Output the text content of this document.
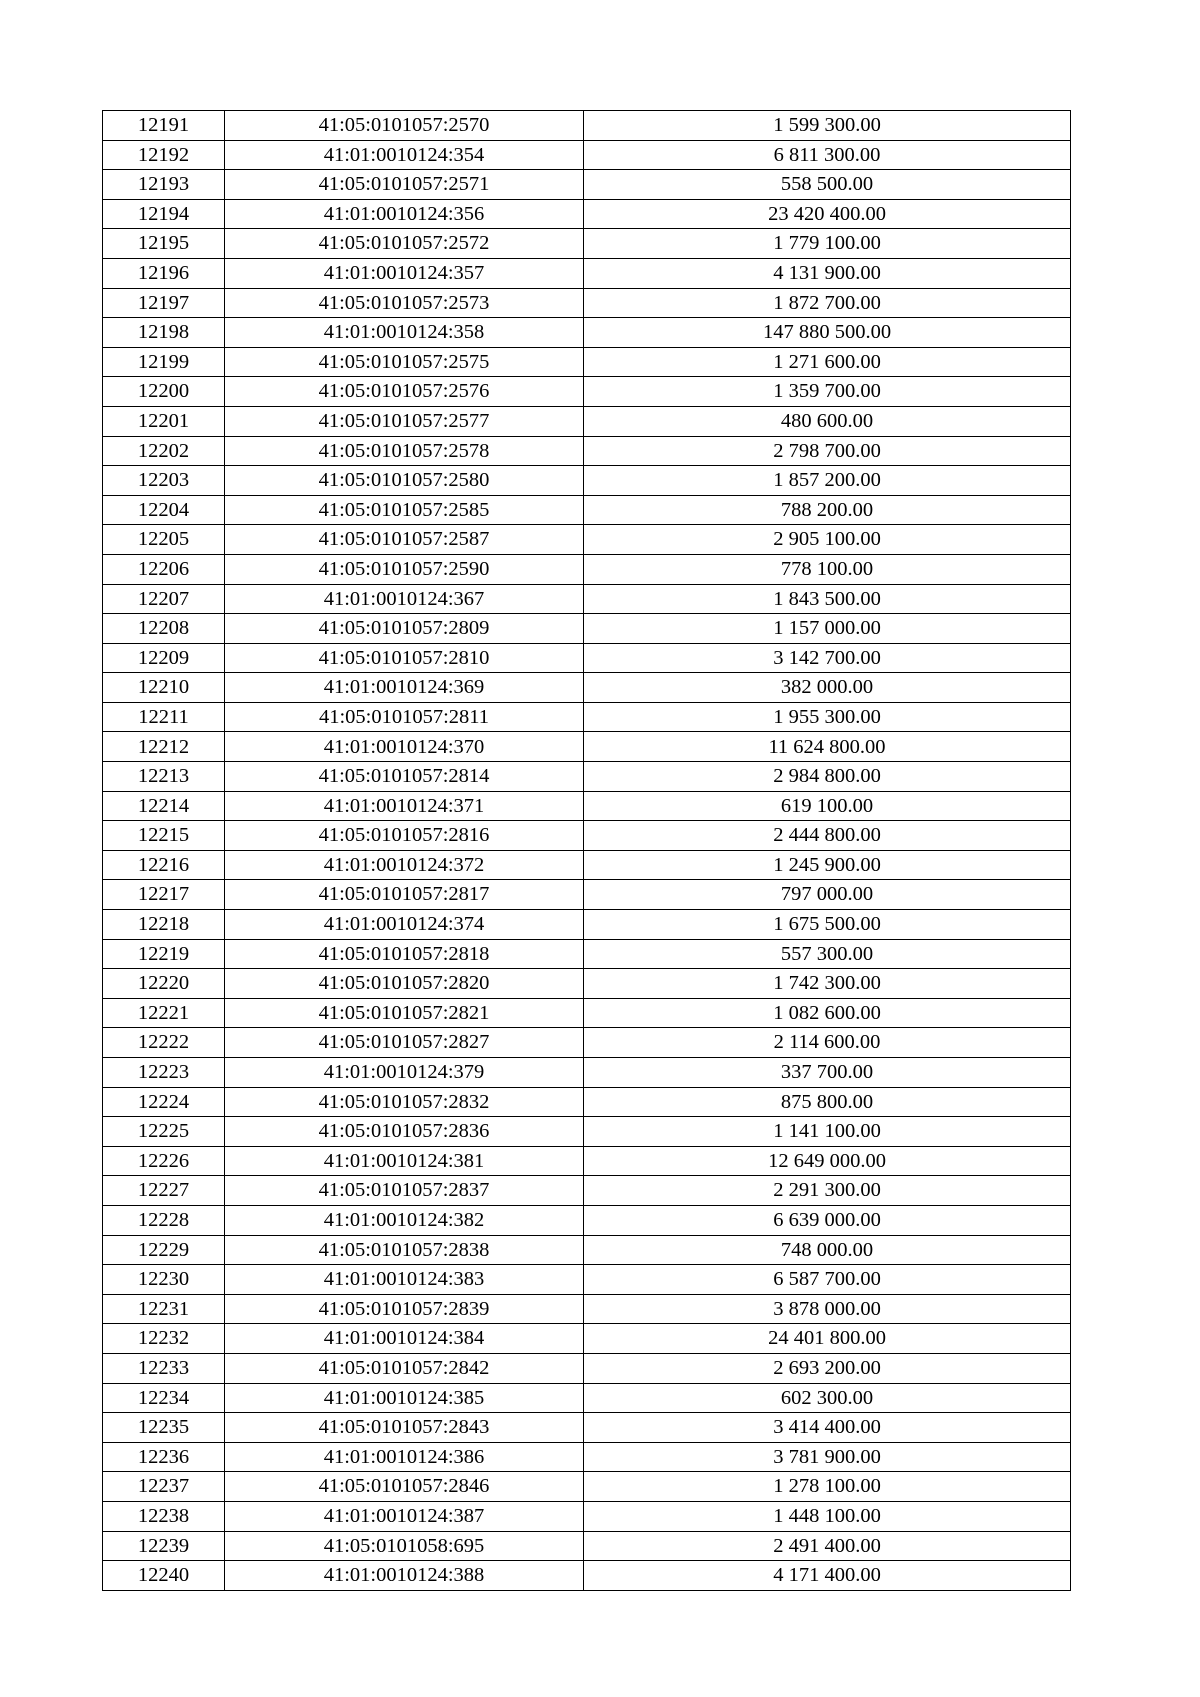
12191	41:05:0101057:2570	1 599 300.00
12192	41:01:0010124:354	6 811 300.00
12193	41:05:0101057:2571	558 500.00
12194	41:01:0010124:356	23 420 400.00
12195	41:05:0101057:2572	1 779 100.00
12196	41:01:0010124:357	4 131 900.00
12197	41:05:0101057:2573	1 872 700.00
12198	41:01:0010124:358	147 880 500.00
12199	41:05:0101057:2575	1 271 600.00
12200	41:05:0101057:2576	1 359 700.00
12201	41:05:0101057:2577	480 600.00
12202	41:05:0101057:2578	2 798 700.00
12203	41:05:0101057:2580	1 857 200.00
12204	41:05:0101057:2585	788 200.00
12205	41:05:0101057:2587	2 905 100.00
12206	41:05:0101057:2590	778 100.00
12207	41:01:0010124:367	1 843 500.00
12208	41:05:0101057:2809	1 157 000.00
12209	41:05:0101057:2810	3 142 700.00
12210	41:01:0010124:369	382 000.00
12211	41:05:0101057:2811	1 955 300.00
12212	41:01:0010124:370	11 624 800.00
12213	41:05:0101057:2814	2 984 800.00
12214	41:01:0010124:371	619 100.00
12215	41:05:0101057:2816	2 444 800.00
12216	41:01:0010124:372	1 245 900.00
12217	41:05:0101057:2817	797 000.00
12218	41:01:0010124:374	1 675 500.00
12219	41:05:0101057:2818	557 300.00
12220	41:05:0101057:2820	1 742 300.00
12221	41:05:0101057:2821	1 082 600.00
12222	41:05:0101057:2827	2 114 600.00
12223	41:01:0010124:379	337 700.00
12224	41:05:0101057:2832	875 800.00
12225	41:05:0101057:2836	1 141 100.00
12226	41:01:0010124:381	12 649 000.00
12227	41:05:0101057:2837	2 291 300.00
12228	41:01:0010124:382	6 639 000.00
12229	41:05:0101057:2838	748 000.00
12230	41:01:0010124:383	6 587 700.00
12231	41:05:0101057:2839	3 878 000.00
12232	41:01:0010124:384	24 401 800.00
12233	41:05:0101057:2842	2 693 200.00
12234	41:01:0010124:385	602 300.00
12235	41:05:0101057:2843	3 414 400.00
12236	41:01:0010124:386	3 781 900.00
12237	41:05:0101057:2846	1 278 100.00
12238	41:01:0010124:387	1 448 100.00
12239	41:05:0101058:695	2 491 400.00
12240	41:01:0010124:388	4 171 400.00
